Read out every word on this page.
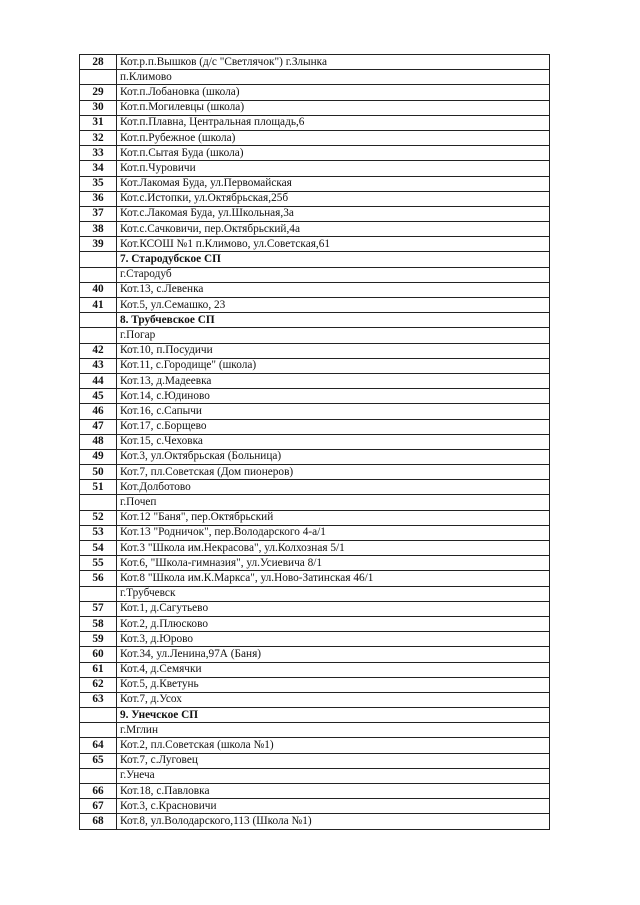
28	Кот.р.п.Вышков (д/с "Светлячок") г.Злынка
	п.Климово
29	Кот.п.Лобановка (школа)
30	Кот.п.Могилевцы (школа)
31	Кот.п.Плавна, Центральная площадь,6
32	Кот.п.Рубежное (школа)
33	Кот.п.Сытая Буда (школа)
34	Кот.п.Чуровичи
35	Кот.Лакомая Буда, ул.Первомайская
36	Кот.с.Истопки, ул.Октябрьская,25б
37	Кот.с.Лакомая Буда, ул.Школьная,3а
38	Кот.с.Сачковичи, пер.Октябрьский,4а
39	Кот.КСОШ №1 п.Климово, ул.Советская,61
	7. Стародубское СП
	г.Стародуб
40	Кот.13, с.Левенка
41	Кот.5, ул.Семашко, 23
	8. Трубчевское СП
	г.Погар
42	Кот.10, п.Посудичи
43	Кот.11, с.Городище" (школа)
44	Кот.13, д.Мадеевка
45	Кот.14, с.Юдиново
46	Кот.16, с.Сапычи
47	Кот.17, с.Борщево
48	Кот.15, с.Чеховка
49	Кот.3, ул.Октябрьская (Больница)
50	Кот.7, пл.Советская (Дом пионеров)
51	Кот.Долботово
	г.Почеп
52	Кот.12 "Баня", пер.Октябрьский
53	Кот.13 "Родничок", пер.Володарского 4-а/1
54	Кот.3 "Школа им.Некрасова", ул.Колхозная 5/1
55	Кот.6, "Школа-гимназия", ул.Усиевича 8/1
56	Кот.8 "Школа им.К.Маркса", ул.Ново-Затинская 46/1
	г.Трубчевск
57	Кот.1, д.Сагутьево
58	Кот.2, д.Плюсково
59	Кот.3, д.Юрово
60	Кот.34, ул.Ленина,97А (Баня)
61	Кот.4, д.Семячки
62	Кот.5, д.Кветунь
63	Кот.7, д.Усох
	9. Унечское СП
	г.Мглин
64	Кот.2, пл.Советская (школа №1)
65	Кот.7, с.Луговец
	г.Унеча
66	Кот.18, с.Павловка
67	Кот.3, с.Красновичи
68	Кот.8, ул.Володарского,113 (Школа №1)
